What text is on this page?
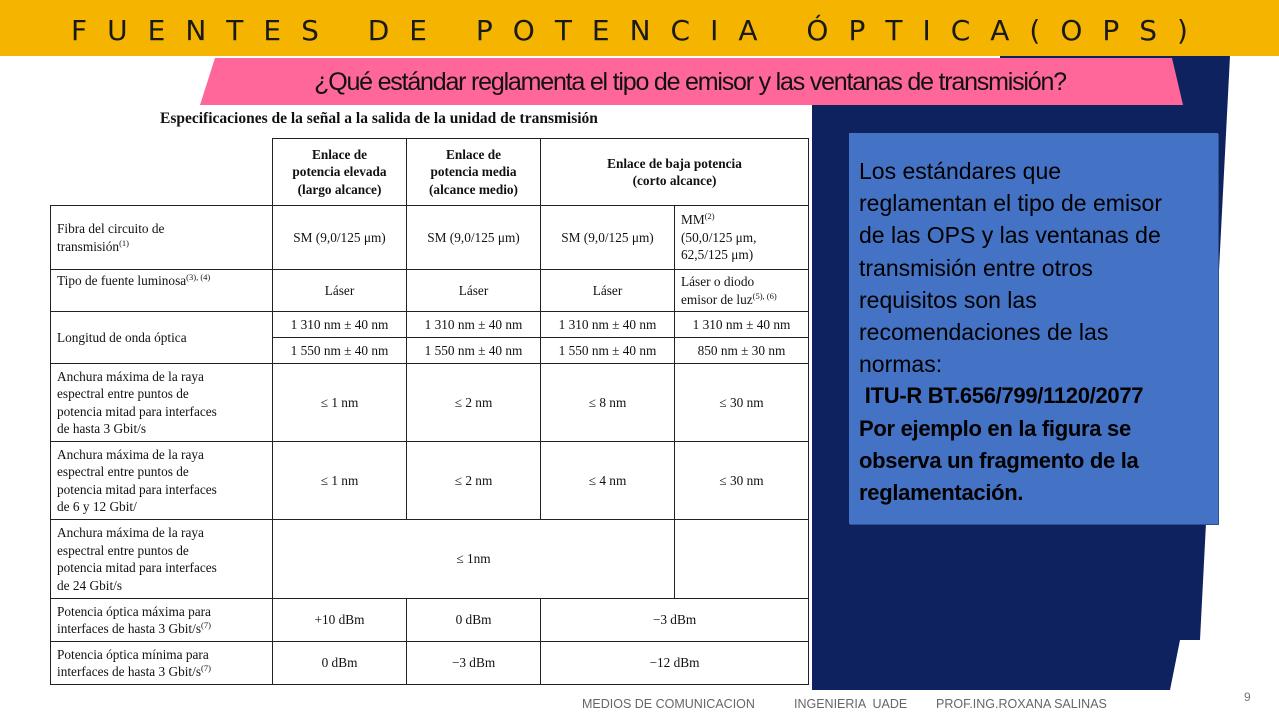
FUENTES DE POTENCIA ÓPTICA(OPS)
¿Qué estándar reglamenta el tipo de emisor y las ventanas de transmisión?
Especificaciones de la señal a la salida de la unidad de transmisión
	Enlace de
potencia elevada
(largo alcance)	Enlace de
potencia media
(alcance medio)	Enlace de baja potencia
(corto alcance)	
Fibra del circuito de
transmisión$^{(1)}$	SM (9,0/125 μm)	SM (9,0/125 μm)	SM (9,0/125 μm)	MM$^{(2)}$
(50,0/125 μm,
62,5/125 μm)
Tipo de fuente luminosa$^{(3), (4)}$	Láser	Láser	Láser	Láser o diodo
emisor de luz$^{(5), (6)}$
Longitud de onda óptica	1 310 nm ± 40 nm	1 310 nm ± 40 nm	1 310 nm ± 40 nm	1 310 nm ± 40 nm
	1 550 nm ± 40 nm	1 550 nm ± 40 nm	1 550 nm ± 40 nm	850 nm ± 30 nm
Anchura máxima de la raya
espectral entre puntos de
potencia mitad para interfaces
de hasta 3 Gbit/s	≤ 1 nm	≤ 2 nm	≤ 8 nm	≤ 30 nm
Anchura máxima de la raya
espectral entre puntos de
potencia mitad para interfaces
de 6 y 12 Gbit/	≤ 1 nm	≤ 2 nm	≤ 4 nm	≤ 30 nm
Anchura máxima de la raya
espectral entre puntos de
potencia mitad para interfaces
de 24 Gbit/s	≤ 1nm			
Potencia óptica máxima para
interfaces de hasta 3 Gbit/$s^{(7)}$	+10 dBm	0 dBm	−3 dBm	
Potencia óptica mínima para
interfaces de hasta 3 Gbit/$s^{(7)}$	0 dBm	−3 dBm	−12 dBm	
Los estándares que
reglamentan el tipo de emisor
de las OPS y las ventanas de
transmisión entre otros
requisitos son las
recomendaciones de las
normas:
ITU-R BT.656/799/1120/2077
Por ejemplo en la figura se
observa un fragmento de la
reglamentación.
MEDIOS DE COMUNICACION	INGENIERIA  UADE PROF.ING.ROXANA SALINAS	9
